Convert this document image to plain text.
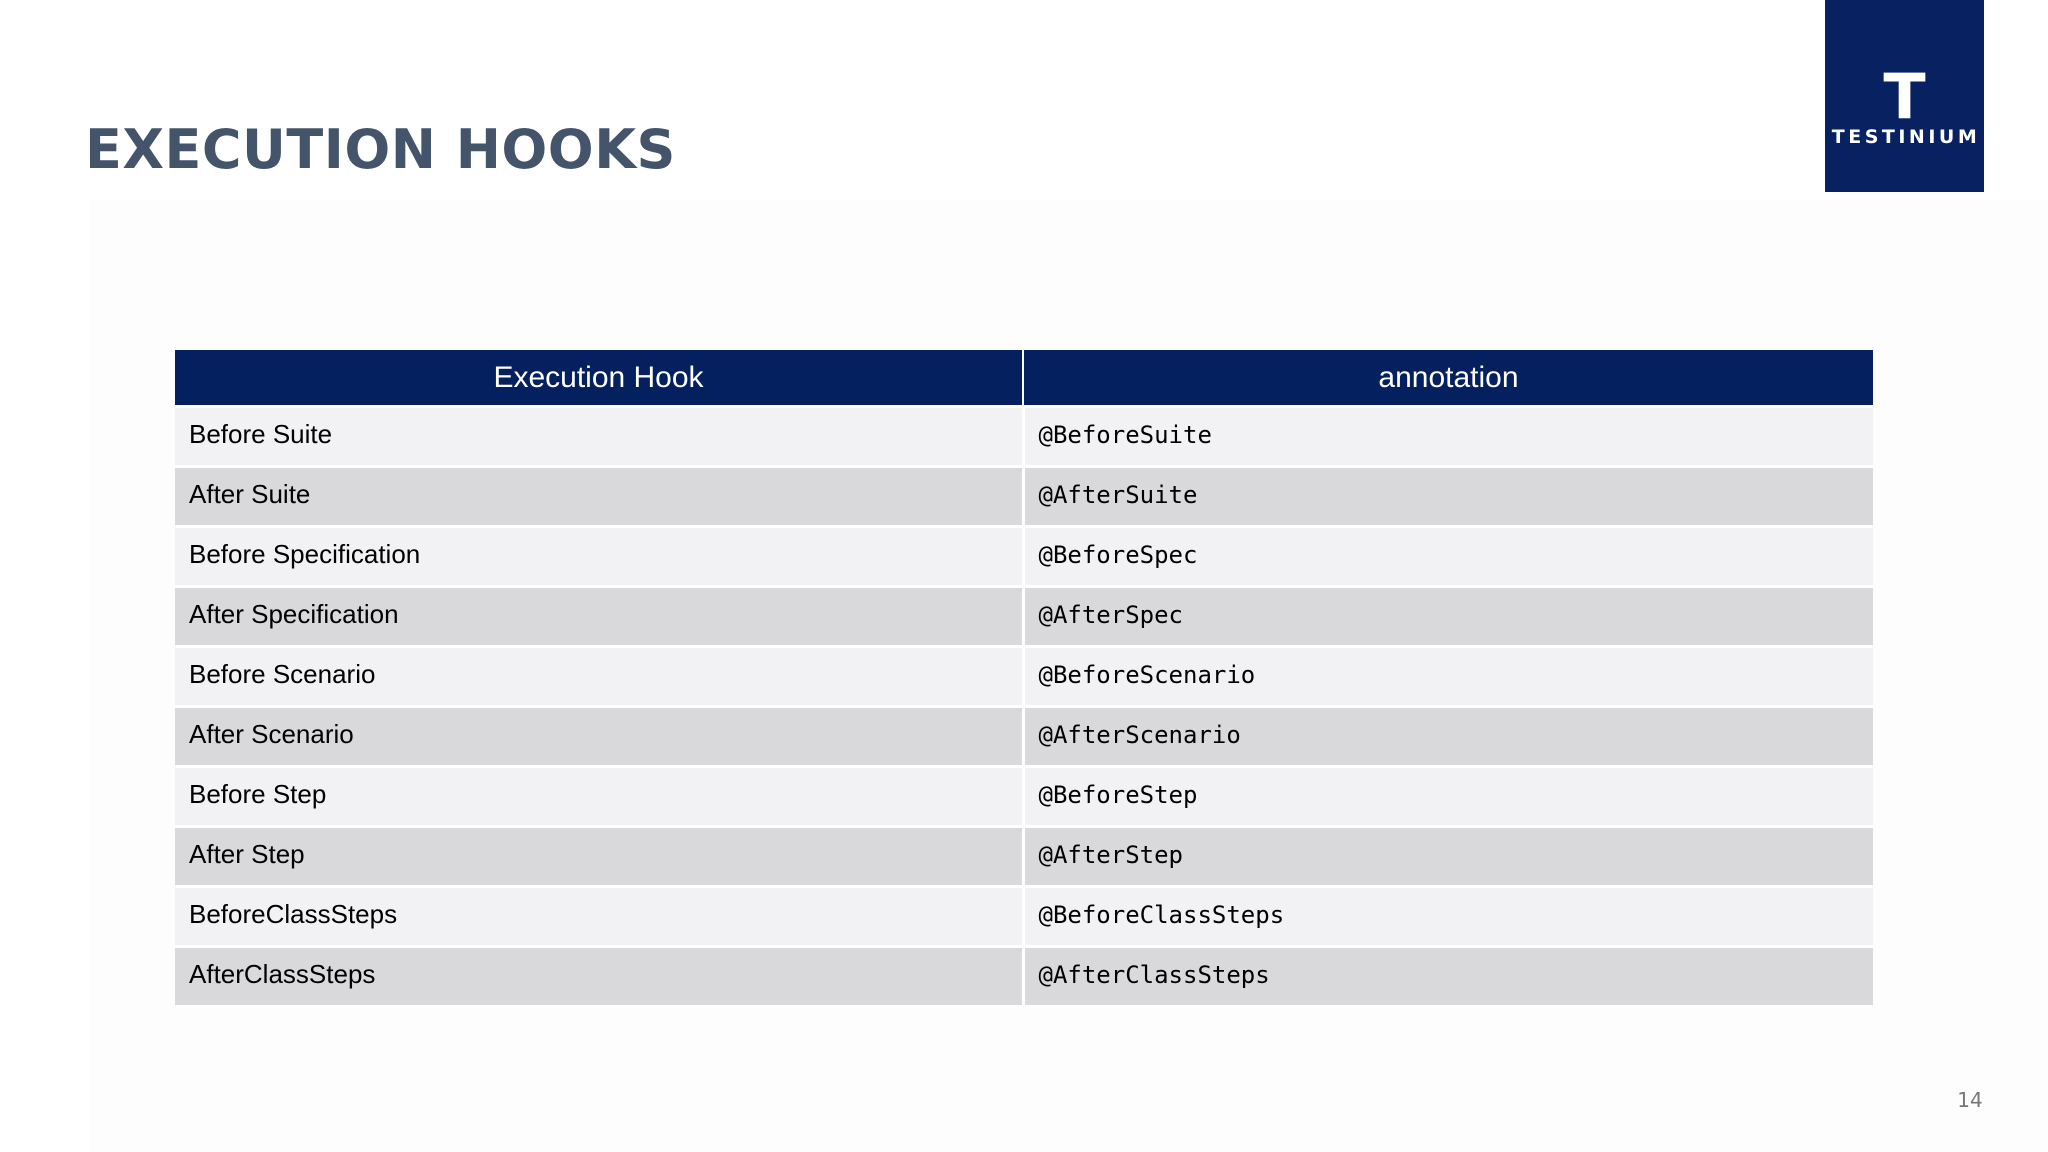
EXECUTION HOOKS
T
TESTINIUM
Execution Hook	annotation
Before Suite	@BeforeSuite
After Suite	@AfterSuite
Before Specification	@BeforeSpec
After Specification	@AfterSpec
Before Scenario	@BeforeScenario
After Scenario	@AfterScenario
Before Step	@BeforeStep
After Step	@AfterStep
BeforeClassSteps	@BeforeClassSteps
AfterClassSteps	@AfterClassSteps
14
